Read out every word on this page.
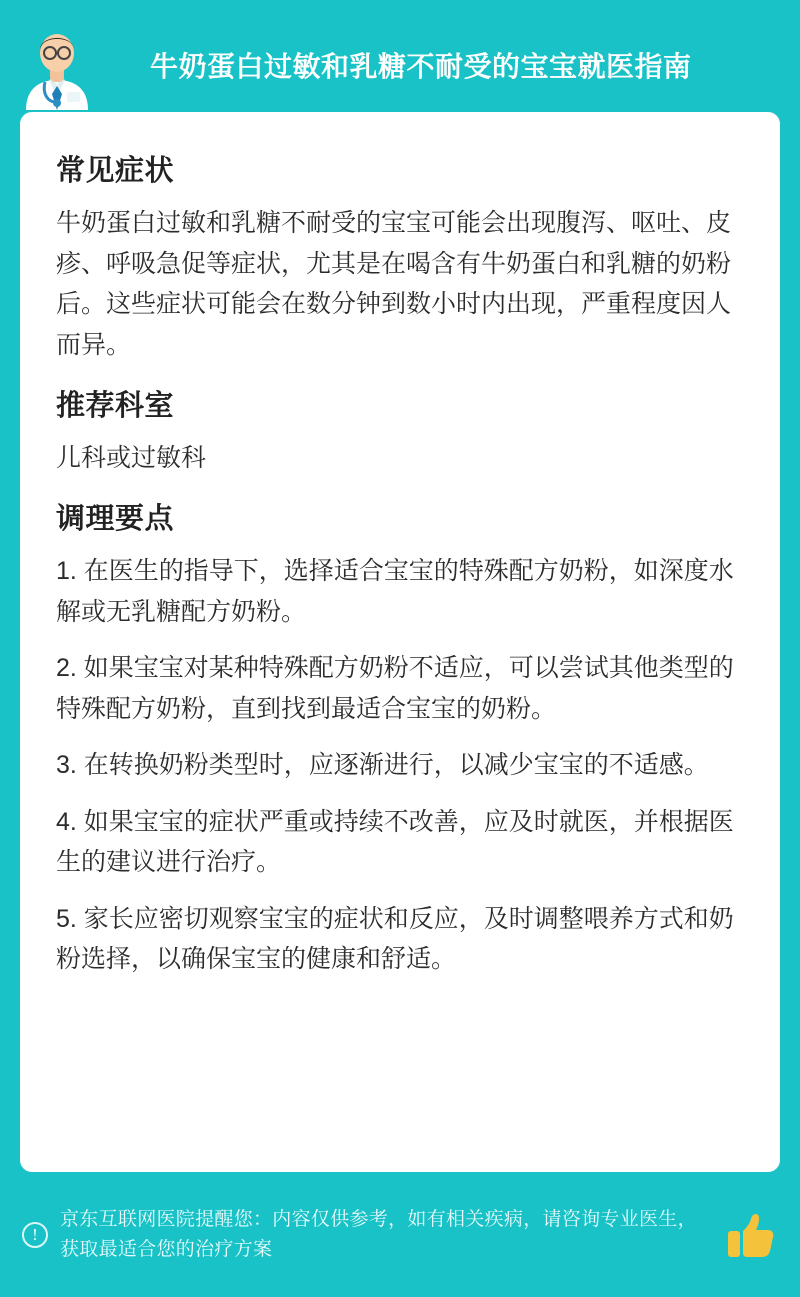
牛奶蛋白过敏和乳糖不耐受的宝宝就医指南
常见症状

牛奶蛋白过敏和乳糖不耐受的宝宝可能会出现腹泻、呕吐、皮疹、呼吸急促等症状，尤其是在喝含有牛奶蛋白和乳糖的奶粉后。这些症状可能会在数分钟到数小时内出现，严重程度因人而异。

推荐科室

儿科或过敏科

调理要点
1. 在医生的指导下，选择适合宝宝的特殊配方奶粉，如深度水解或无乳糖配方奶粉。
2. 如果宝宝对某种特殊配方奶粉不适应，可以尝试其他类型的特殊配方奶粉，直到找到最适合宝宝的奶粉。
3. 在转换奶粉类型时，应逐渐进行，以减少宝宝的不适感。
4. 如果宝宝的症状严重或持续不改善，应及时就医，并根据医生的建议进行治疗。
5. 家长应密切观察宝宝的症状和反应，及时调整喂养方式和奶粉选择，以确保宝宝的健康和舒适。
!
京东互联网医院提醒您：内容仅供参考，如有相关疾病，请咨询专业医生，获取最适合您的治疗方案
